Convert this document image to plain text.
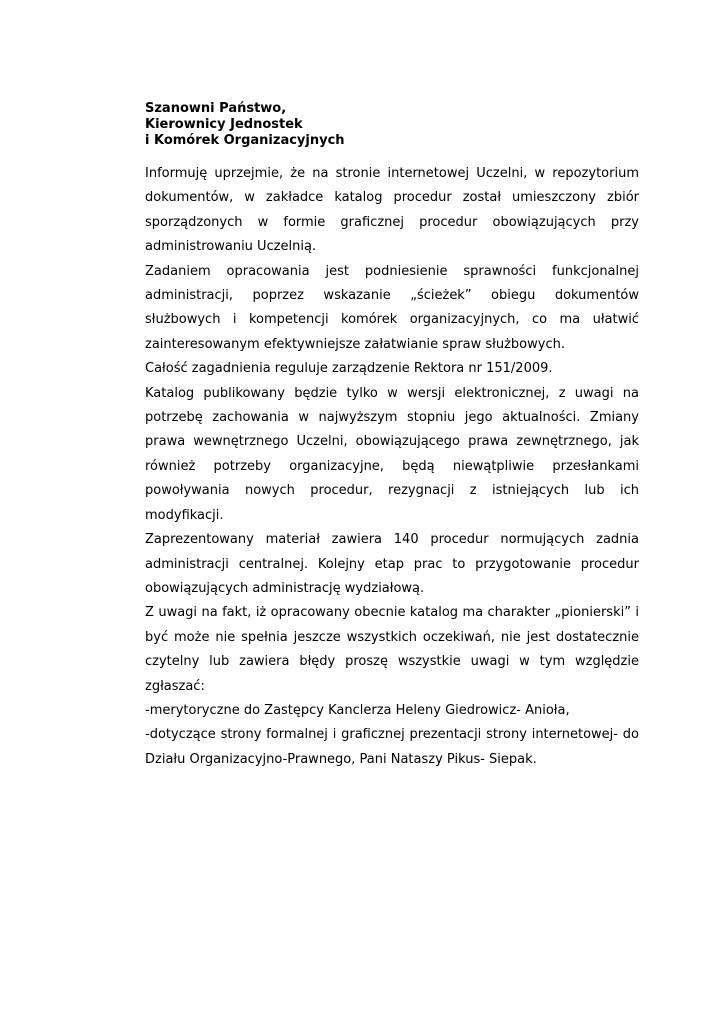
Szanowni Państwo,
Kierownicy Jednostek
i Komórek Organizacyjnych

Informuję uprzejmie, że na stronie internetowej Uczelni, w repozytorium dokumentów, w zakładce katalog procedur został umieszczony zbiór sporządzonych w formie graficznej procedur obowiązujących przy administrowaniu Uczelnią.

Zadaniem opracowania jest podniesienie sprawności funkcjonalnej administracji, poprzez wskazanie „ścieżek” obiegu dokumentów służbowych i kompetencji komórek organizacyjnych, co ma ułatwić zainteresowanym efektywniejsze załatwianie spraw służbowych.

Całość zagadnienia reguluje zarządzenie Rektora nr 151/2009.

Katalog publikowany będzie tylko w wersji elektronicznej, z uwagi na potrzebę zachowania w najwyższym stopniu jego aktualności. Zmiany prawa wewnętrznego Uczelni, obowiązującego prawa zewnętrznego, jak również potrzeby organizacyjne, będą niewątpliwie przesłankami powoływania nowych procedur, rezygnacji z istniejących lub ich modyfikacji.

Zaprezentowany materiał zawiera 140 procedur normujących zadnia administracji centralnej. Kolejny etap prac to przygotowanie procedur obowiązujących administrację wydziałową.

Z uwagi na fakt, iż opracowany obecnie katalog ma charakter „pionierski” i być może nie spełnia jeszcze wszystkich oczekiwań, nie jest dostatecznie czytelny lub zawiera błędy proszę wszystkie uwagi w tym względzie zgłaszać:

-merytoryczne do Zastępcy Kanclerza Heleny Giedrowicz- Anioła,

-dotyczące strony formalnej i graficznej prezentacji strony internetowej- do Działu Organizacyjno-Prawnego, Pani Nataszy Pikus- Siepak.
